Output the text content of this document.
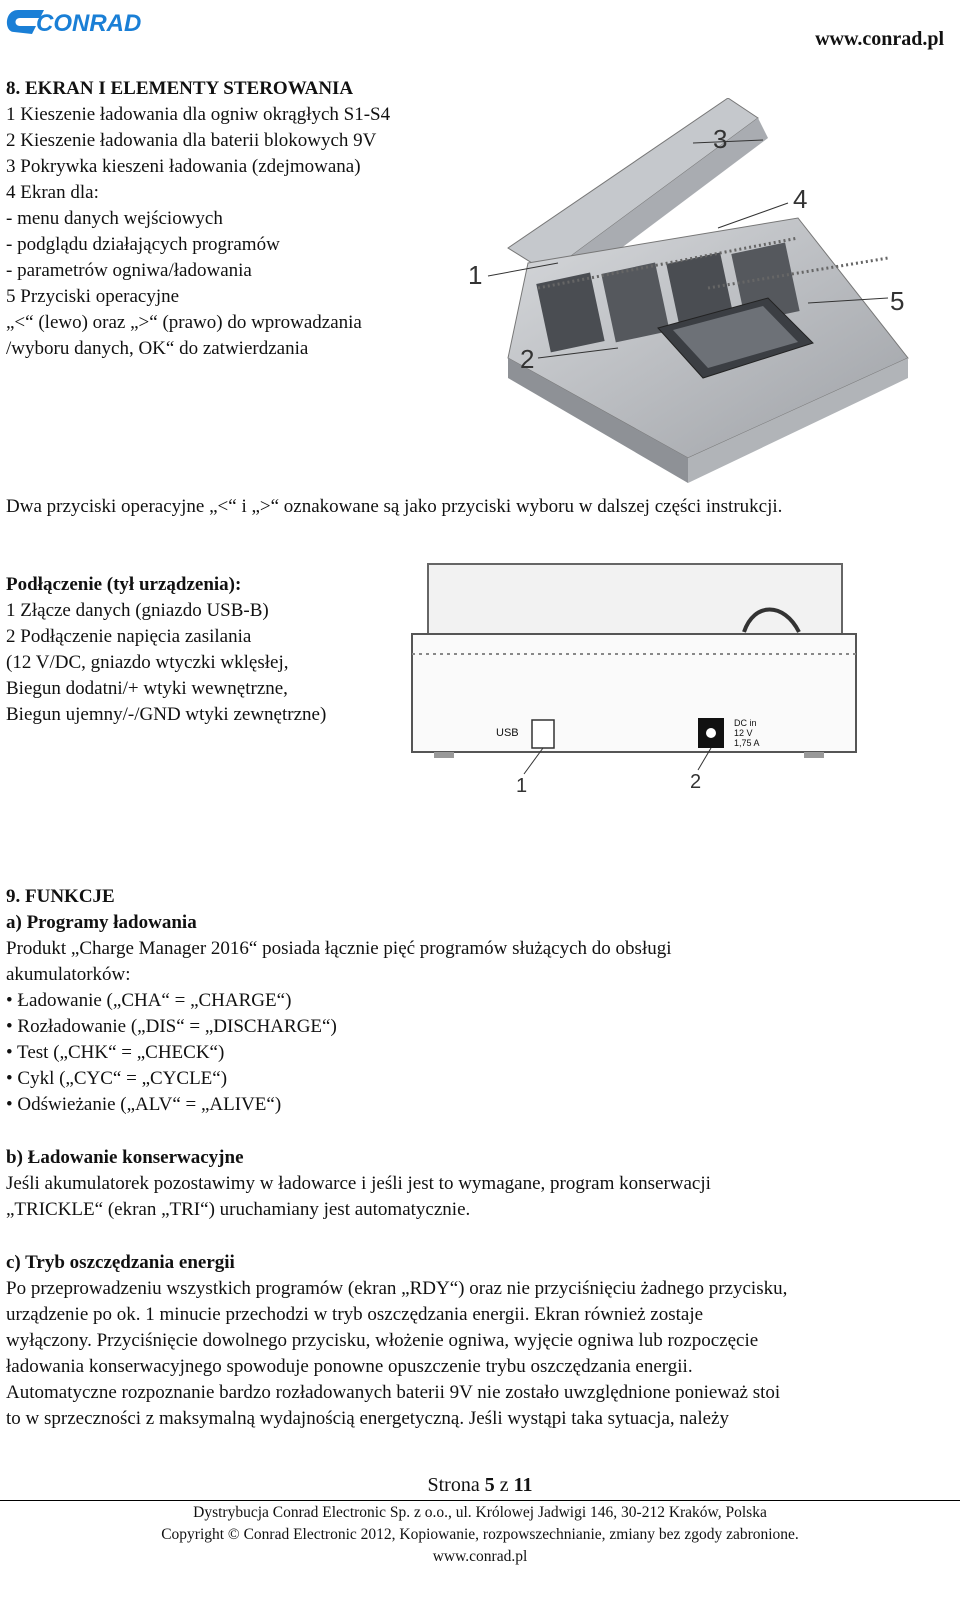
CONRAD
www.conrad.pl
8. EKRAN I ELEMENTY STEROWANIA
1 Kieszenie ładowania dla ogniw okrągłych S1-S4
2 Kieszenie ładowania dla baterii blokowych 9V
3 Pokrywka kieszeni ładowania (zdejmowana)
4 Ekran dla:
- menu danych wejściowych
- podglądu działających programów
- parametrów ogniwa/ładowania
5 Przyciski operacyjne
„<“ (lewo) oraz „>“ (prawo) do wprowadzania
/wyboru danych, OK“ do zatwierdzania
3
4
1
5
2
Dwa przyciski operacyjne „<“ i „>“ oznakowane są jako przyciski wyboru w dalszej części instrukcji.
Podłączenie (tył urządzenia):
1 Złącze danych (gniazdo USB-B)
2 Podłączenie napięcia zasilania
(12 V/DC, gniazdo wtyczki wklęsłej,
Biegun dodatni/+ wtyki wewnętrzne,
Biegun ujemny/-/GND wtyki zewnętrzne)
USB
DC in
12 V
1,75 A
1	2
9. FUNKCJE
a) Programy ładowania
Produkt „Charge Manager 2016“ posiada łącznie pięć programów służących do obsługi
akumulatorków:
• Ładowanie („CHA“ = „CHARGE“)
• Rozładowanie („DIS“ = „DISCHARGE“)
• Test („CHK“ = „CHECK“)
• Cykl („CYC“ = „CYCLE“)
• Odświeżanie („ALV“ = „ALIVE“)
b) Ładowanie konserwacyjne
Jeśli akumulatorek pozostawimy w ładowarce i jeśli jest to wymagane, program konserwacji
„TRICKLE“ (ekran „TRI“) uruchamiany jest automatycznie.
c) Tryb oszczędzania energii
Po przeprowadzeniu wszystkich programów (ekran „RDY“) oraz nie przyciśnięciu żadnego przycisku,
urządzenie po ok. 1 minucie przechodzi w tryb oszczędzania energii. Ekran również zostaje
wyłączony. Przyciśnięcie dowolnego przycisku, włożenie ogniwa, wyjęcie ogniwa lub rozpoczęcie
ładowania konserwacyjnego spowoduje ponowne opuszczenie trybu oszczędzania energii.
Automatyczne rozpoznanie bardzo rozładowanych baterii 9V nie zostało uwzględnione ponieważ stoi
to w sprzeczności z maksymalną wydajnością energetyczną. Jeśli wystąpi taka sytuacja, należy
Strona 5 z 11
Dystrybucja Conrad Electronic Sp. z o.o., ul. Królowej Jadwigi 146, 30-212 Kraków, Polska
Copyright © Conrad Electronic 2012, Kopiowanie, rozpowszechnianie, zmiany bez zgody zabronione.
www.conrad.pl
